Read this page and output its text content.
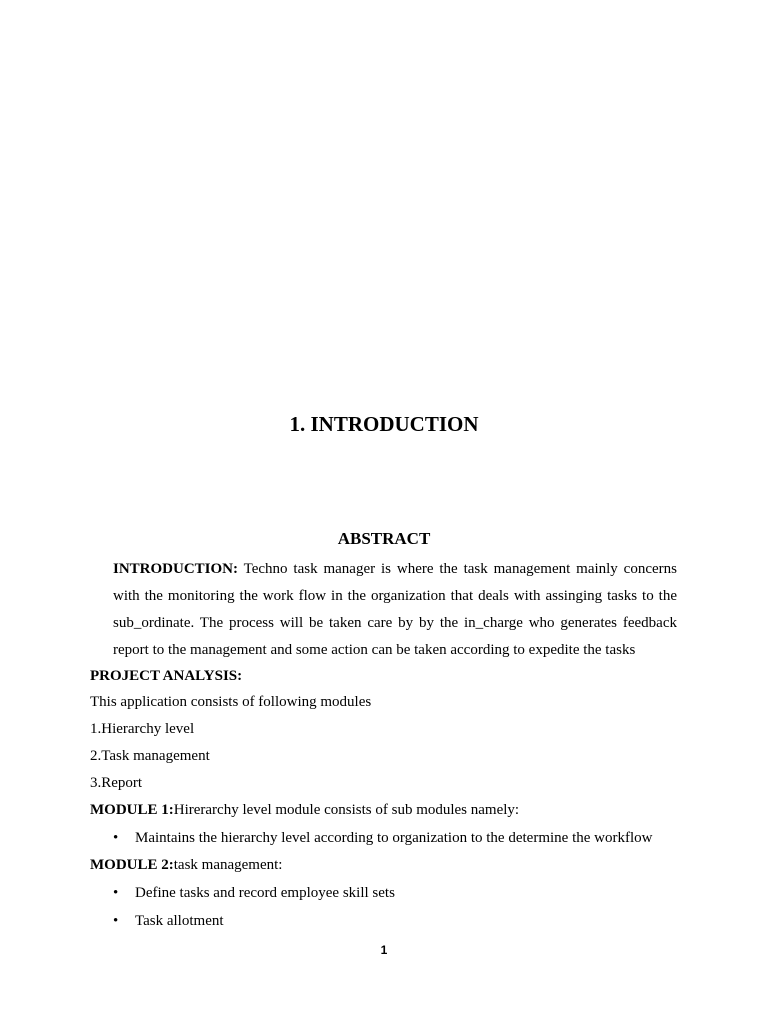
1. INTRODUCTION
ABSTRACT
INTRODUCTION: Techno task manager is where the task management mainly concerns
with the monitoring the work flow in the organization that deals with assinging tasks to the
sub_ordinate. The process will be taken care by by the in_charge who generates feedback
report to the management and some action can be taken according to expedite the tasks

PROJECT ANALYSIS:

This application consists of following modules

1.Hierarchy level

2.Task management

3.Report

MODULE 1:Hirerarchy level module consists of sub modules namely:

• Maintains the hierarchy level according to organization to the determine the workflow

MODULE 2:task management:

• Define tasks and record employee skill sets
• Task allotment
1
